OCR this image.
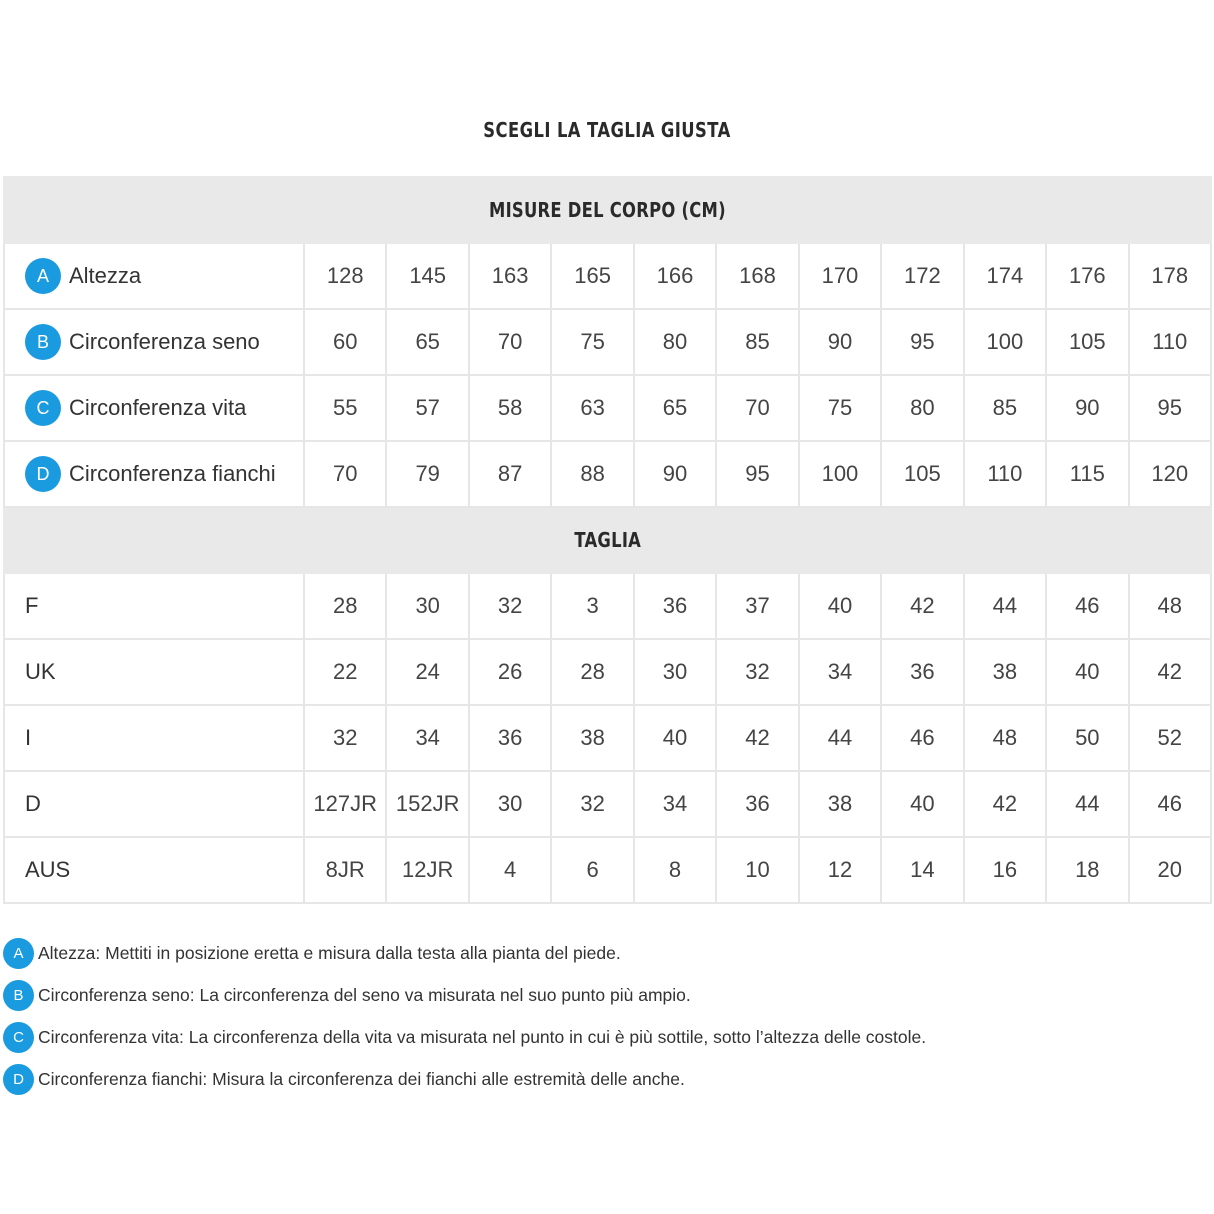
SCEGLI LA TAGLIA GIUSTA
MISURE DEL CORPO (CM)											
A Altezza	128	145	163	165	166	168	170	172	174	176	178
B Circonferenza seno	60	65	70	75	80	85	90	95	100	105	110
C Circonferenza vita	55	57	58	63	65	70	75	80	85	90	95
D Circonferenza fianchi	70	79	87	88	90	95	100	105	110	115	120
TAGLIA											
F	28	30	32	3	36	37	40	42	44	46	48
UK	22	24	26	28	30	32	34	36	38	40	42
I	32	34	36	38	40	42	44	46	48	50	52
D	127JR	152JR	30	32	34	36	38	40	42	44	46
AUS	8JR	12JR	4	6	8	10	12	14	16	18	20
A Altezza: Mettiti in posizione eretta e misura dalla testa alla pianta del piede.
B Circonferenza seno: La circonferenza del seno va misurata nel suo punto più ampio.
C Circonferenza vita: La circonferenza della vita va misurata nel punto in cui è più sottile, sotto l’altezza delle costole.
D Circonferenza fianchi: Misura la circonferenza dei fianchi alle estremità delle anche.
